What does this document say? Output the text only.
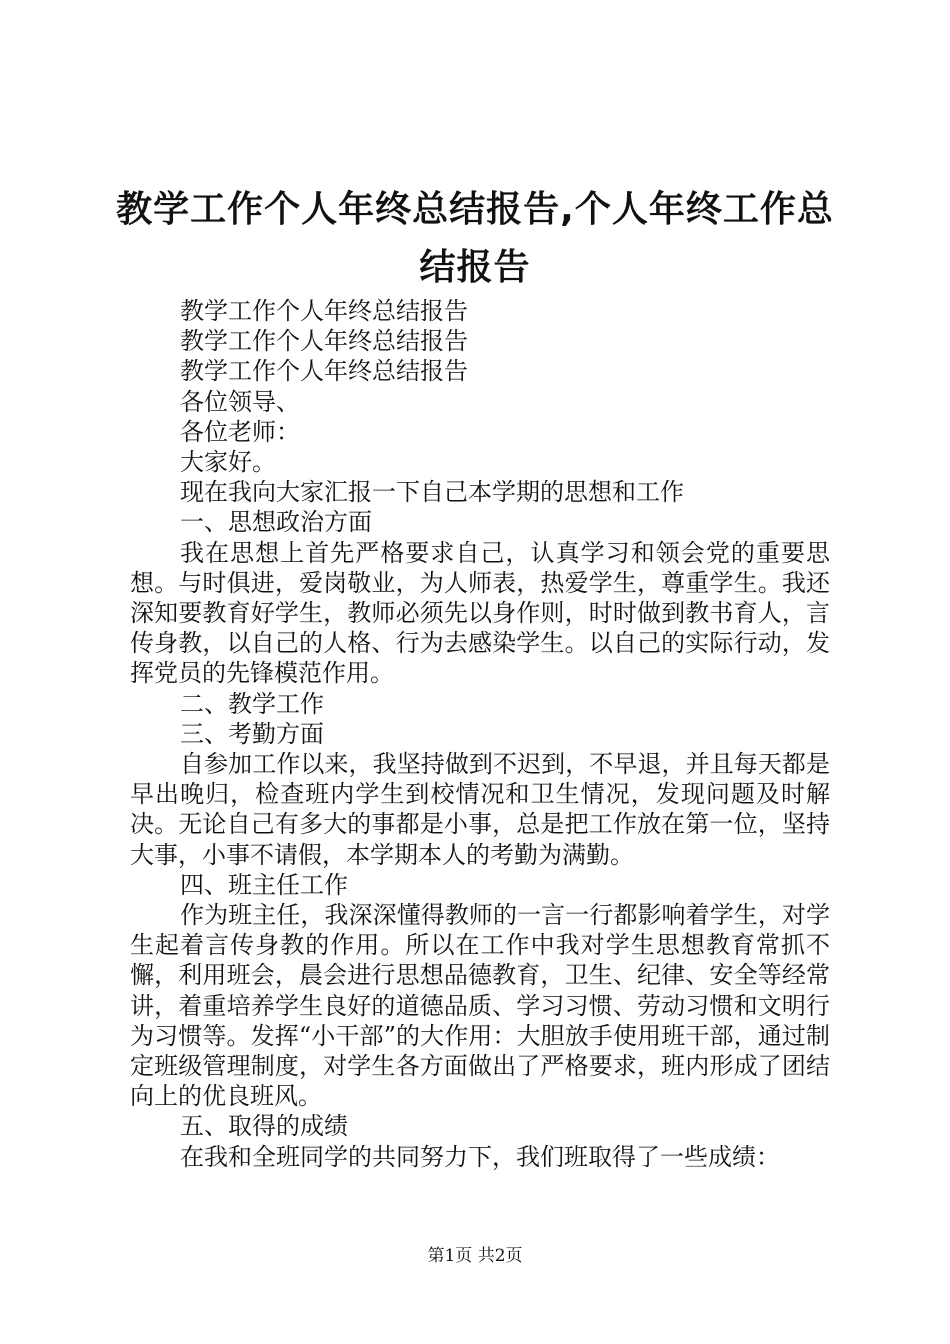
教学工作个人年终总结报告,个人年终工作总
结报告

教学工作个人年终总结报告

教学工作个人年终总结报告

教学工作个人年终总结报告

各位领导、

各位老师：

大家好。

现在我向大家汇报一下自己本学期的思想和工作

一、思想政治方面

我在思想上首先严格要求自己，认真学习和领会党的重要思想。与时俱进，爱岗敬业，为人师表，热爱学生，尊重学生。我还深知要教育好学生，教师必须先以身作则，时时做到教书育人，言传身教，以自己的人格、行为去感染学生。以自己的实际行动，发挥党员的先锋模范作用。

二、教学工作

三、考勤方面

自参加工作以来，我坚持做到不迟到，不早退，并且每天都是早出晚归，检查班内学生到校情况和卫生情况，发现问题及时解决。无论自己有多大的事都是小事，总是把工作放在第一位，坚持大事，小事不请假，本学期本人的考勤为满勤。

四、班主任工作

作为班主任，我深深懂得教师的一言一行都影响着学生，对学生起着言传身教的作用。所以在工作中我对学生思想教育常抓不懈，利用班会，晨会进行思想品德教育，卫生、纪律、安全等经常讲，着重培养学生良好的道德品质、学习习惯、劳动习惯和文明行为习惯等。发挥“小干部”的大作用：大胆放手使用班干部，通过制定班级管理制度，对学生各方面做出了严格要求，班内形成了团结向上的优良班风。

五、取得的成绩

在我和全班同学的共同努力下，我们班取得了一些成绩：

第1页 共2页
